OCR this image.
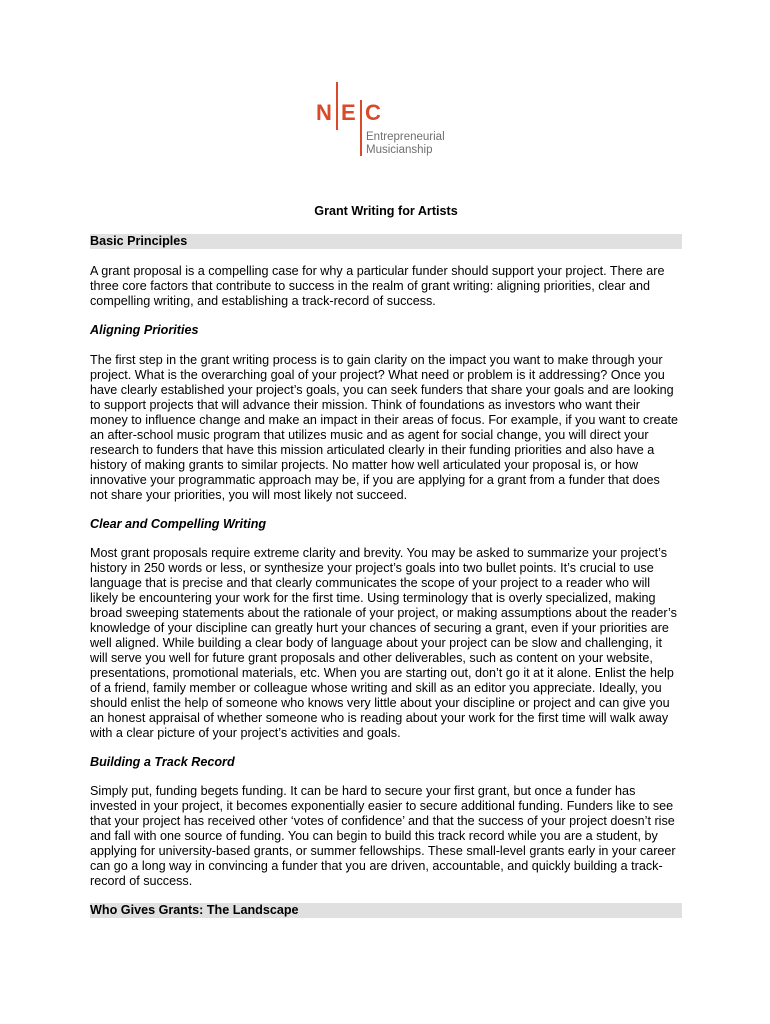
N E C
Entrepreneurial
Musicianship
Grant Writing for Artists
Basic Principles
A grant proposal is a compelling case for why a particular funder should support your project. There are
three core factors that contribute to success in the realm of grant writing: aligning priorities, clear and
compelling writing, and establishing a track-record of success.
Aligning Priorities
The first step in the grant writing process is to gain clarity on the impact you want to make through your
project. What is the overarching goal of your project? What need or problem is it addressing? Once you
have clearly established your project’s goals, you can seek funders that share your goals and are looking
to support projects that will advance their mission. Think of foundations as investors who want their
money to influence change and make an impact in their areas of focus. For example, if you want to create
an after-school music program that utilizes music and as agent for social change, you will direct your
research to funders that have this mission articulated clearly in their funding priorities and also have a
history of making grants to similar projects. No matter how well articulated your proposal is, or how
innovative your programmatic approach may be, if you are applying for a grant from a funder that does
not share your priorities, you will most likely not succeed.
Clear and Compelling Writing
Most grant proposals require extreme clarity and brevity. You may be asked to summarize your project’s
history in 250 words or less, or synthesize your project’s goals into two bullet points. It’s crucial to use
language that is precise and that clearly communicates the scope of your project to a reader who will
likely be encountering your work for the first time. Using terminology that is overly specialized, making
broad sweeping statements about the rationale of your project, or making assumptions about the reader’s
knowledge of your discipline can greatly hurt your chances of securing a grant, even if your priorities are
well aligned. While building a clear body of language about your project can be slow and challenging, it
will serve you well for future grant proposals and other deliverables, such as content on your website,
presentations, promotional materials, etc. When you are starting out, don’t go it at it alone. Enlist the help
of a friend, family member or colleague whose writing and skill as an editor you appreciate. Ideally, you
should enlist the help of someone who knows very little about your discipline or project and can give you
an honest appraisal of whether someone who is reading about your work for the first time will walk away
with a clear picture of your project’s activities and goals.
Building a Track Record
Simply put, funding begets funding. It can be hard to secure your first grant, but once a funder has
invested in your project, it becomes exponentially easier to secure additional funding. Funders like to see
that your project has received other ‘votes of confidence’ and that the success of your project doesn’t rise
and fall with one source of funding. You can begin to build this track record while you are a student, by
applying for university-based grants, or summer fellowships. These small-level grants early in your career
can go a long way in convincing a funder that you are driven, accountable, and quickly building a track-
record of success.
Who Gives Grants: The Landscape
